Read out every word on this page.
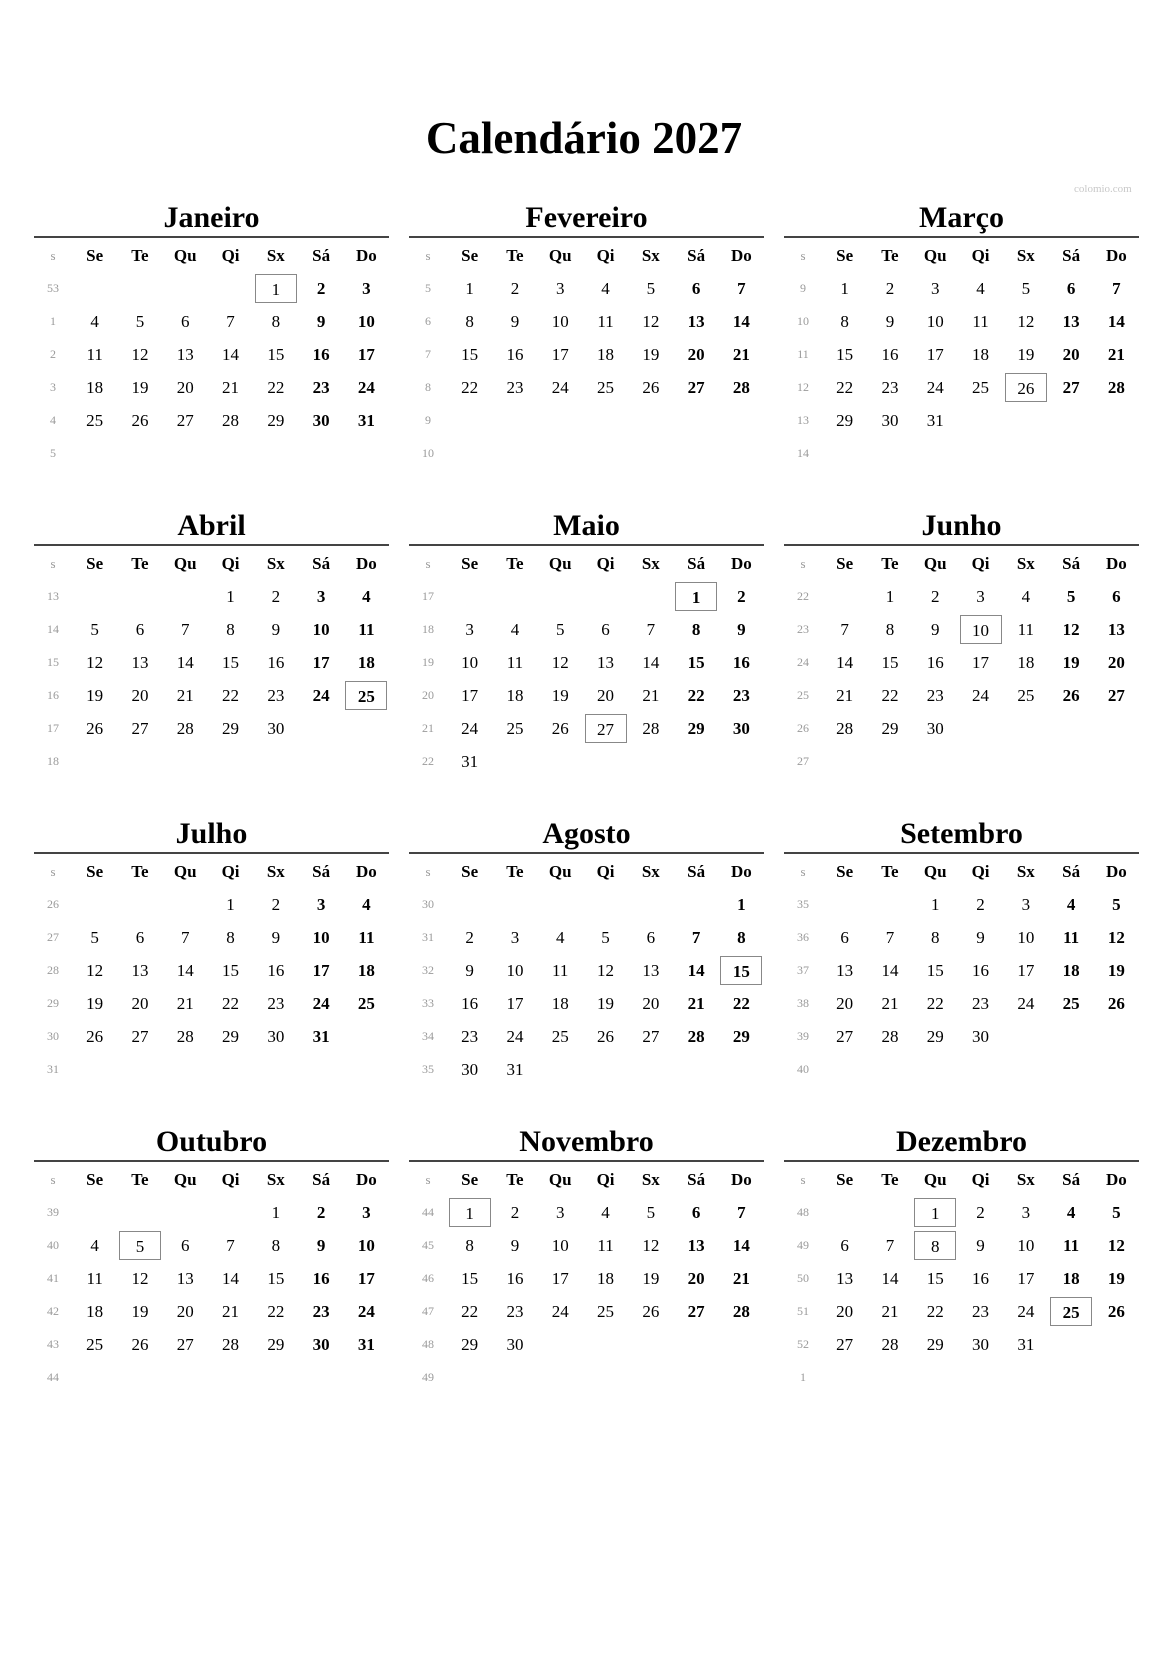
Calendário 2027
colomio.com
Janeiro
s	Se	Te	Qu	Qi	Sx	Sá	Do
53					1	2	3
1	4	5	6	7	8	9	10
2	11	12	13	14	15	16	17
3	18	19	20	21	22	23	24
4	25	26	27	28	29	30	31
5							
Fevereiro
s	Se	Te	Qu	Qi	Sx	Sá	Do
5	1	2	3	4	5	6	7
6	8	9	10	11	12	13	14
7	15	16	17	18	19	20	21
8	22	23	24	25	26	27	28
9							
10							
Março
s	Se	Te	Qu	Qi	Sx	Sá	Do
9	1	2	3	4	5	6	7
10	8	9	10	11	12	13	14
11	15	16	17	18	19	20	21
12	22	23	24	25	26	27	28
13	29	30	31				
14							
Abril
s	Se	Te	Qu	Qi	Sx	Sá	Do
13				1	2	3	4
14	5	6	7	8	9	10	11
15	12	13	14	15	16	17	18
16	19	20	21	22	23	24	25
17	26	27	28	29	30		
18							
Maio
s	Se	Te	Qu	Qi	Sx	Sá	Do
17						1	2
18	3	4	5	6	7	8	9
19	10	11	12	13	14	15	16
20	17	18	19	20	21	22	23
21	24	25	26	27	28	29	30
22	31						
Junho
s	Se	Te	Qu	Qi	Sx	Sá	Do
22		1	2	3	4	5	6
23	7	8	9	10	11	12	13
24	14	15	16	17	18	19	20
25	21	22	23	24	25	26	27
26	28	29	30				
27							
Julho
s	Se	Te	Qu	Qi	Sx	Sá	Do
26				1	2	3	4
27	5	6	7	8	9	10	11
28	12	13	14	15	16	17	18
29	19	20	21	22	23	24	25
30	26	27	28	29	30	31	
31							
Agosto
s	Se	Te	Qu	Qi	Sx	Sá	Do
30							1
31	2	3	4	5	6	7	8
32	9	10	11	12	13	14	15
33	16	17	18	19	20	21	22
34	23	24	25	26	27	28	29
35	30	31					
Setembro
s	Se	Te	Qu	Qi	Sx	Sá	Do
35			1	2	3	4	5
36	6	7	8	9	10	11	12
37	13	14	15	16	17	18	19
38	20	21	22	23	24	25	26
39	27	28	29	30			
40							
Outubro
s	Se	Te	Qu	Qi	Sx	Sá	Do
39					1	2	3
40	4	5	6	7	8	9	10
41	11	12	13	14	15	16	17
42	18	19	20	21	22	23	24
43	25	26	27	28	29	30	31
44							
Novembro
s	Se	Te	Qu	Qi	Sx	Sá	Do
44	1	2	3	4	5	6	7
45	8	9	10	11	12	13	14
46	15	16	17	18	19	20	21
47	22	23	24	25	26	27	28
48	29	30					
49							
Dezembro
s	Se	Te	Qu	Qi	Sx	Sá	Do
48			1	2	3	4	5
49	6	7	8	9	10	11	12
50	13	14	15	16	17	18	19
51	20	21	22	23	24	25	26
52	27	28	29	30	31		
1							
